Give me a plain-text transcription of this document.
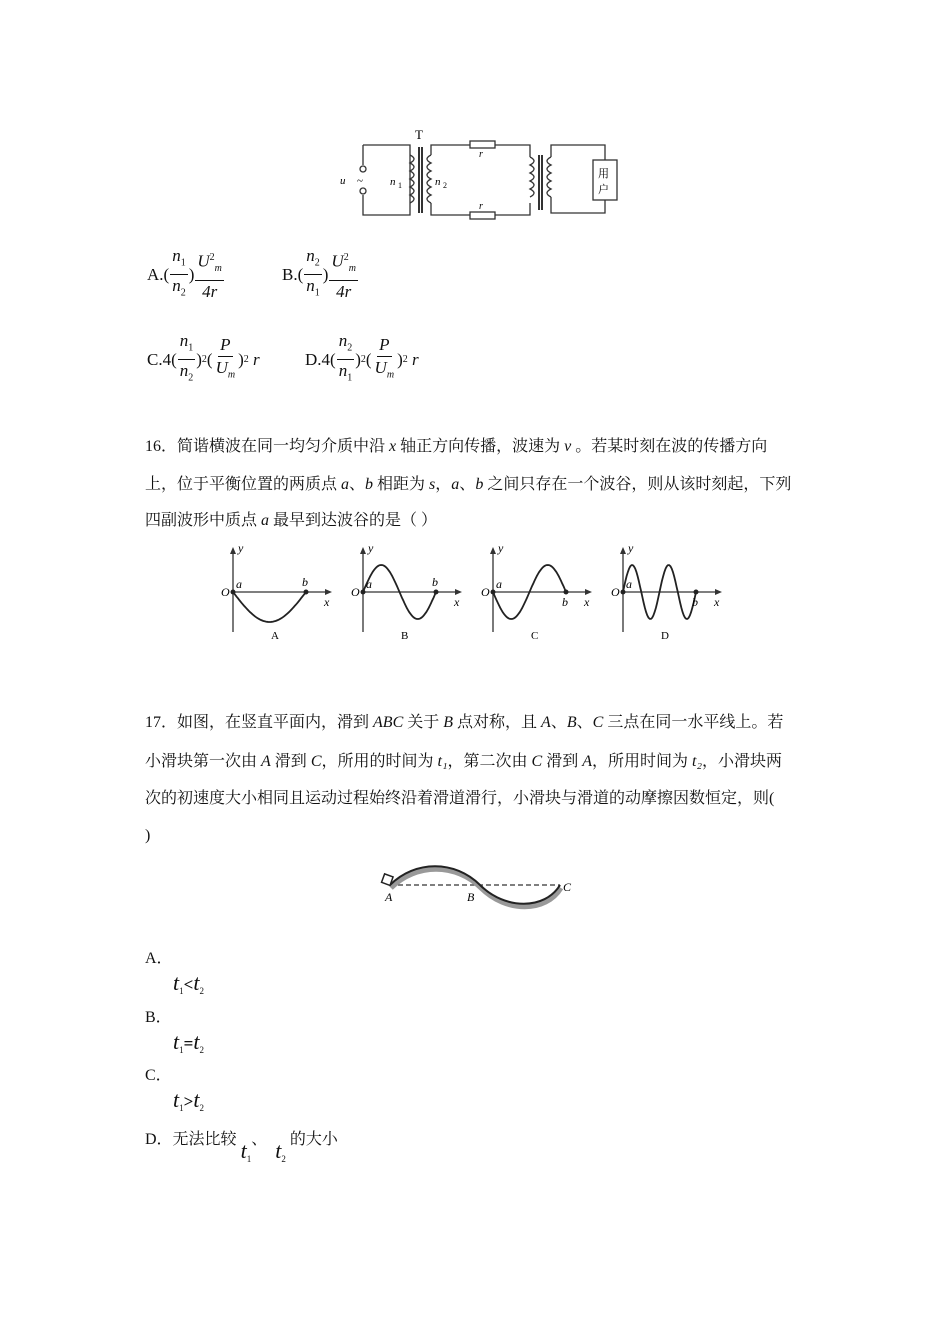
T
u ~ n 1	n 2
r
r
用
户
$A.( \frac{n_1}{n_2}$ ) $\frac{U^2_m}{4r}$	$B.( \frac{n_2}{n_1}$ ) $\frac{U^2_m}{4r}$
$C.4( \frac{n_1}{n_2}$ ) 2 ( $\frac{P}{U_m}$ ) 2
r	$D.4( \frac{n_2}{n_1}$ ) 2 ( $\frac{P}{U_m}$ ) 2
r
16．简谐横波在同一均匀介质中沿 x 轴正方向传播，波速为 v 。若某时刻在波的传播方向
上，位于平衡位置的两质点 a、b 相距为 s，a、b 之间只存在一个波谷，则从该时刻起，下列
四副波形中质点 a 最早到达波谷的是（ ）
O
a	b
x
y
A
O
a	b
x
y
B
O
a
b x
y
C
O
a
b x
y
D
17．如图，在竖直平面内，滑到 ABC 关于 B 点对称，且 A、B、C 三点在同一水平线上。若
小滑块第一次由 A 滑到 C，所用的时间为 t₁，第二次由 C 滑到 A，所用时间为 t₂，小滑块两
次的初速度大小相同且运动过程始终沿着滑道滑行，小滑块与滑道的动摩擦因数恒定，则(
)
A	B
C
A．
$t_1<t_2$
B．
$t_1=t_2$
C．
$t_1>t_2$
D．无法比较 $t_1$、 $t_2$的大小
